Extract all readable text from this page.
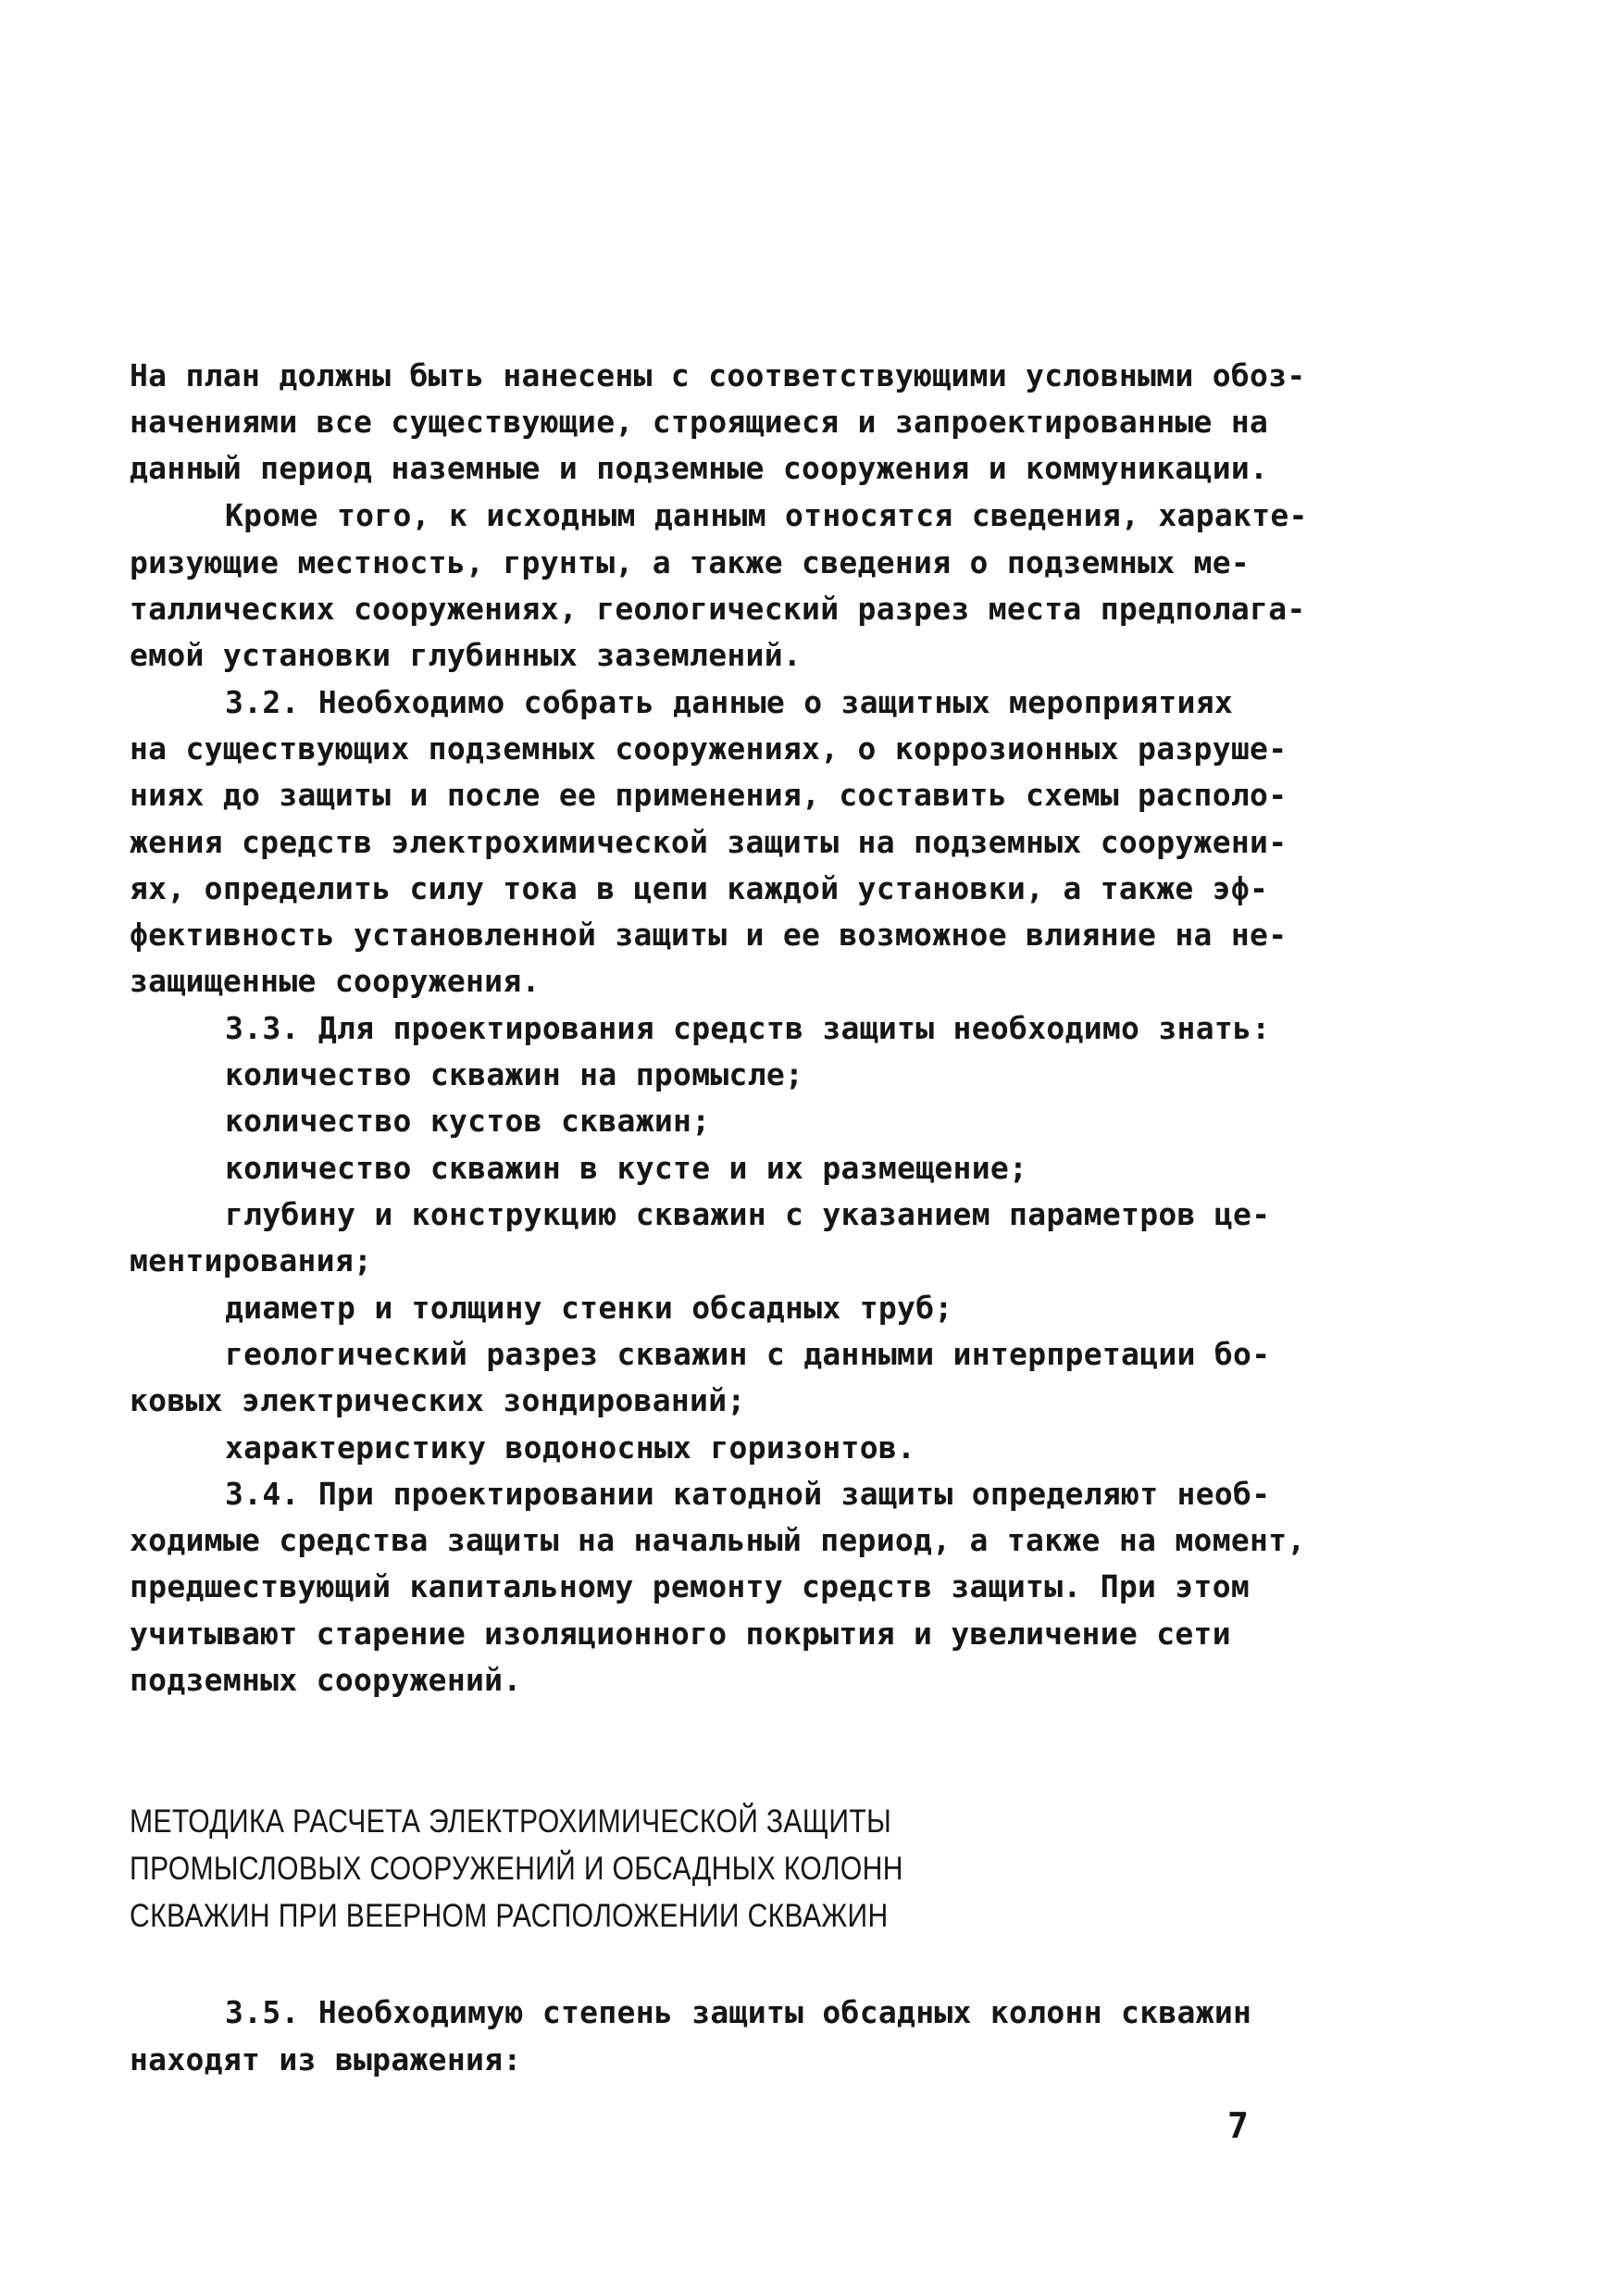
На план должны быть нанесены с соответствующими условными обоз-
начениями все существующие, строящиеся и запроектированные на
данный период наземные и подземные сооружения и коммуникации.
Кроме того, к исходным данным относятся сведения, характе-
ризующие местность, грунты, а также сведения о подземных ме-
таллических сооружениях, геологический разрез места предполага-
емой установки глубинных заземлений.
3.2. Необходимо собрать данные о защитных мероприятиях
на существующих подземных сооружениях, о коррозионных разруше-
ниях до защиты и после ее применения, составить схемы располо-
жения средств электрохимической защиты на подземных сооружени-
ях, определить силу тока в цепи каждой установки, а также эф-
фективность установленной защиты и ее возможное влияние на не-
защищенные сооружения.
3.3. Для проектирования средств защиты необходимо знать:
количество скважин на промысле;
количество кустов скважин;
количество скважин в кусте и их размещение;
глубину и конструкцию скважин с указанием параметров це-
ментирования;
диаметр и толщину стенки обсадных труб;
геологический разрез скважин с данными интерпретации бо-
ковых электрических зондирований;
характеристику водоносных горизонтов.
3.4. При проектировании катодной защиты определяют необ-
ходимые средства защиты на начальный период, а также на момент,
предшествующий капитальному ремонту средств защиты. При этом
учитывают старение изоляционного покрытия и увеличение сети
подземных сооружений.
МЕТОДИКА РАСЧЕТА ЭЛЕКТРОХИМИЧЕСКОЙ ЗАЩИТЫ
ПРОМЫСЛОВЫХ СООРУЖЕНИЙ И ОБСАДНЫХ КОЛОНН
СКВАЖИН ПРИ ВЕЕРНОМ РАСПОЛОЖЕНИИ СКВАЖИН
3.5. Необходимую степень защиты обсадных колонн скважин
находят из выражения:
7
